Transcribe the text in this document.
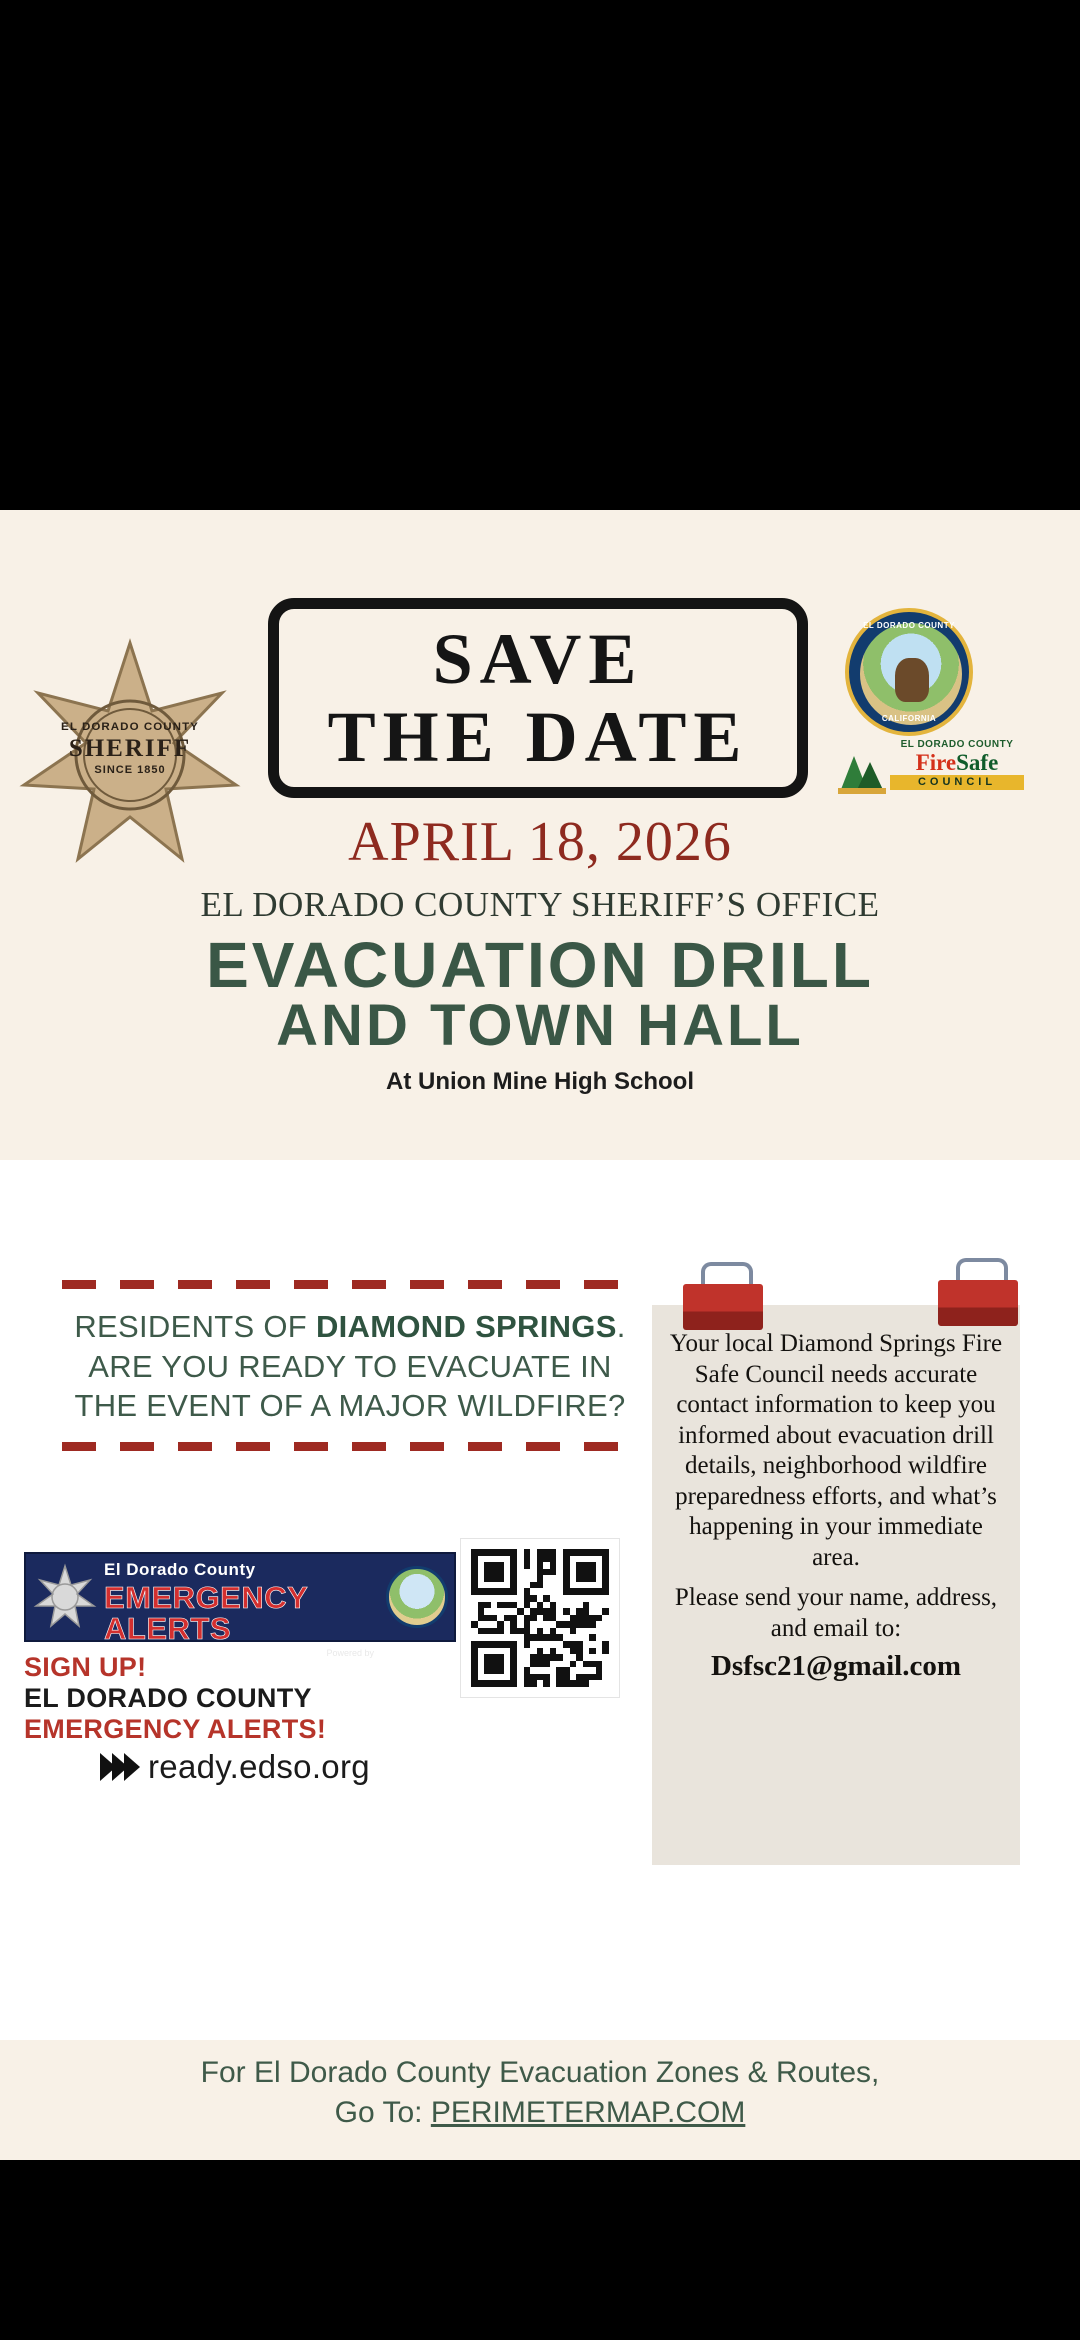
EL DORADO COUNTY
SHERIFF
SINCE 1850
SAVE
THE DATE
EL DORADO COUNTY
CALIFORNIA
EL DORADO COUNTY
FireSafe
COUNCIL
APRIL 18, 2026
EL DORADO COUNTY SHERIFF’S OFFICE
EVACUATION DRILL
AND TOWN HALL
At Union Mine High School
RESIDENTS OF DIAMOND SPRINGS.
ARE YOU READY TO EVACUATE IN
THE EVENT OF A MAJOR WILDFIRE?
Your local Diamond Springs Fire Safe Council needs accurate contact information to keep you informed about evacuation drill details, neighborhood wildfire preparedness efforts, and what’s happening in your immediate area.
Please send your name, address, and email to:
Dsfsc21@gmail.com
El Dorado County
EMERGENCY ALERTS
Powered by
RAVE
SIGN UP!
EL DORADO COUNTY
EMERGENCY ALERTS!
ready.edso.org
For El Dorado County Evacuation Zones & Routes,
Go To: PERIMETERMAP.COM
